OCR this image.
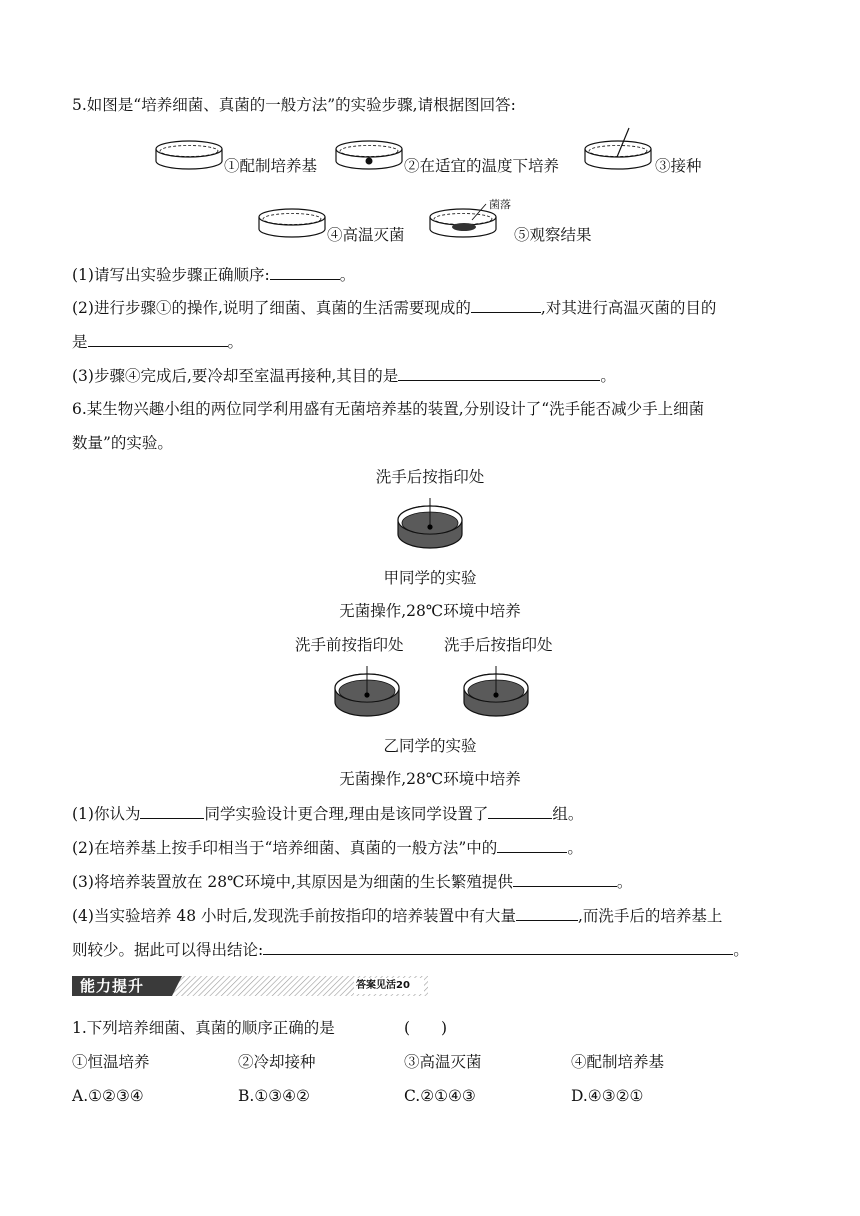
5.如图是“培养细菌、真菌的一般方法”的实验步骤,请根据图回答:
①配制培养基	②在适宜的温度下培养	③接种
④高温灭菌
菌落
⑤观察结果
(1)请写出实验步骤正确顺序:	。
(2)进行步骤①的操作,说明了细菌、真菌的生活需要现成的	,对其进行高温灭菌的目的
是	。
(3)步骤④完成后,要冷却至室温再接种,其目的是	。
6.某生物兴趣小组的两位同学利用盛有无菌培养基的装置,分别设计了“洗手能否减少手上细菌
数量”的实验。
洗手后按指印处
甲同学的实验
无菌操作,28℃环境中培养
洗手前按指印处	洗手后按指印处
乙同学的实验
无菌操作,28℃环境中培养
(1)你认为	同学实验设计更合理,理由是该同学设置了	组。
(2)在培养基上按手印相当于“培养细菌、真菌的一般方法”中的	。
(3)将培养装置放在 28℃环境中,其原因是为细菌的生长繁殖提供	。
(4)当实验培养 48 小时后,发现洗手前按指印的培养装置中有大量	,而洗手后的培养基上
则较少。据此可以得出结论:	。
能力提升	答案见活20
1.下列培养细菌、真菌的顺序正确的是	(　　)
①恒温培养	②冷却接种	③高温灭菌	④配制培养基
A.①②③④	B.①③④②	C.②①④③	D.④③②①
